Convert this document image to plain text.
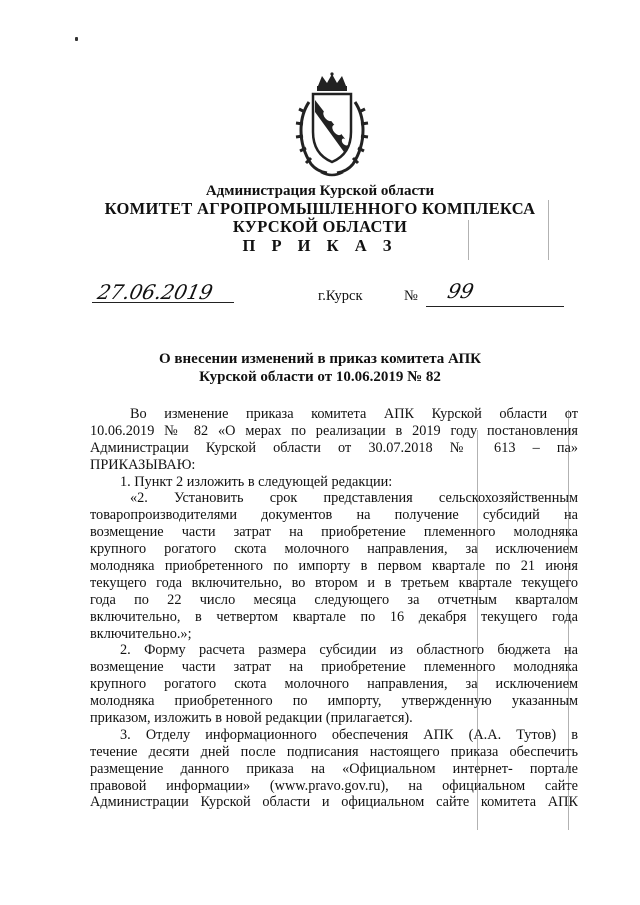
Администрация Курской области
КОМИТЕТ АГРОПРОМЫШЛЕННОГО КОМПЛЕКСА
КУРСКОЙ ОБЛАСТИ
П Р И К А З
27.06.2019	г.Курск	№ 99
О внесении изменений в приказ комитета АПК
Курской области от 10.06.2019 № 82
Во изменение приказа комитета АПК Курской области от
10.06.2019 № 82 «О мерах по реализации в 2019 году постановления
Администрации Курской области от 30.07.2018 № 613 – па»
ПРИКАЗЫВАЮ:
1. Пункт 2 изложить в следующей редакции:
«2. Установить срок представления сельскохозяйственным
товаропроизводителями документов на получение субсидий на
возмещение части затрат на приобретение племенного молодняка
крупного рогатого скота молочного направления, за исключением
молодняка приобретенного по импорту в первом квартале по 21 июня
текущего года включительно, во втором и в третьем квартале текущего
года по 22 число месяца следующего за отчетным кварталом
включительно, в четвертом квартале по 16 декабря текущего года
включительно.»;
2. Форму расчета размера субсидии из областного бюджета на
возмещение части затрат на приобретение племенного молодняка
крупного рогатого скота молочного направления, за исключением
молодняка приобретенного по импорту, утвержденную указанным
приказом, изложить в новой редакции (прилагается).
3. Отделу информационного обеспечения АПК (А.А. Тутов) в
течение десяти дней после подписания настоящего приказа обеспечить
размещение данного приказа на «Официальном интернет- портале
правовой информации» (www.pravo.gov.ru), на официальном сайте
Администрации Курской области и официальном сайте комитета АПК
